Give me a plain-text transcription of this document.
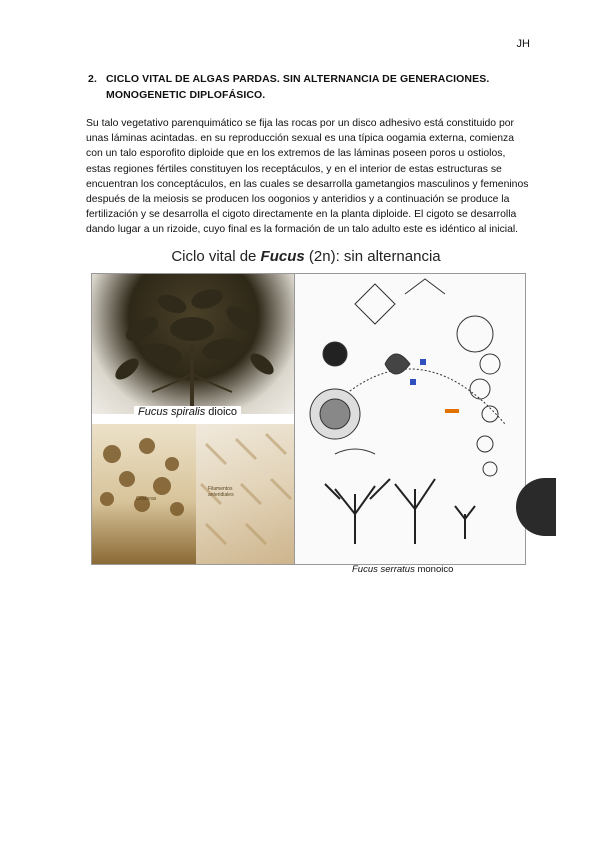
JH
2. CICLO VITAL DE ALGAS PARDAS. SIN ALTERNANCIA DE GENERACIONES.
MONOGENETIC DIPLOFÁSICO.
Su talo vegetativo parenquimático se fija las rocas por un disco adhesivo está constituido por unas láminas acintadas. en su reproducción sexual es una típica oogamia externa, comienza con un talo esporofito diploide que en los extremos de las láminas poseen poros u ostiolos, estas regiones fértiles constituyen los receptáculos, y en el interior de estas estructuras se encuentran los conceptáculos, en las cuales se desarrolla gametangios masculinos y femeninos después de la meiosis se producen los oogonios y anteridios y a continuación se produce la fertilización y se desarrolla el cigoto directamente en la planta diploide. El cigoto se desarrolla dando lugar a un rizoide, cuyo final es la formación de un talo adulto este es idéntico al inicial.
Ciclo vital de Fucus (2n): sin alternancia
Fucus spiralis dioico
Oosferas
Filamentos anteridiales
Fucus serratus monoico
